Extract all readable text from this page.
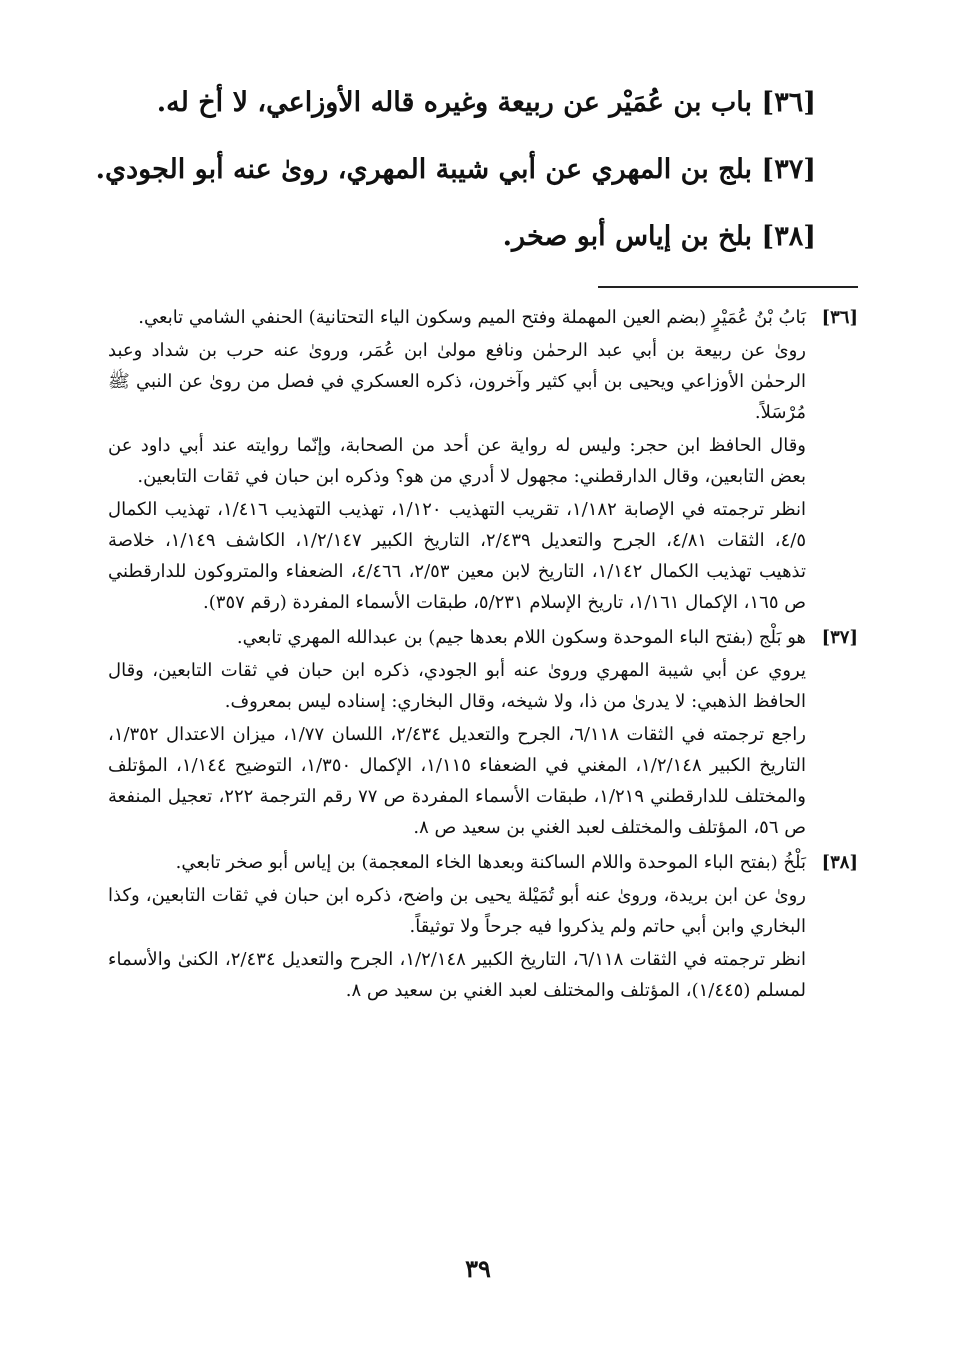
[٣٦] باب بن عُمَيْر عن ربيعة وغيره قاله الأوزاعي، لا أخ له.
[٣٧] بلج بن المهري عن أبي شيبة المهري، روىٰ عنه أبو الجودي.
[٣٨] بلخ بن إياس أبو صخر.
[٣٦]

بَابُ بْنُ عُمَيْرٍ (بضم العين المهملة وفتح الميم وسكون الياء التحتانية) الحنفي الشامي تابعي.

روىٰ عن ربيعة بن أبي عبد الرحمٰن ونافع مولىٰ ابن عُمَر، وروىٰ عنه حرب بن شداد وعبد الرحمٰن الأوزاعي ويحيى بن أبي كثير وآخرون، ذكره العسكري في فصل من روىٰ عن النبي ﷺ مُرْسَلاً.

وقال الحافظ ابن حجر: وليس له رواية عن أحد من الصحابة، وإنّما روايته عند أبي داود عن بعض التابعين، وقال الدارقطني: مجهول لا أدري من هو؟ وذكره ابن حبان في ثقات التابعين.

انظر ترجمته في الإصابة ١/١٨٢، تقريب التهذيب ١/١٢٠، تهذيب التهذيب ١/٤١٦، تهذيب الكمال ٤/٥، الثقات ٤/٨١، الجرح والتعديل ٢/٤٣٩، التاريخ الكبير ١/٢/١٤٧، الكاشف ١/١٤٩، خلاصة تذهيب تهذيب الكمال ١/١٤٢، التاريخ لابن معين ٢/٥٣، ٤/٤٦٦، الضعفاء والمتروكون للدارقطني ص ١٦٥، الإكمال ١/١٦١، تاريخ الإسلام ٥/٢٣١، طبقات الأسماء المفردة (رقم ٣٥٧).

[٣٧]

هو بَلْج (بفتح الباء الموحدة وسكون اللام بعدها جيم) بن عبدالله المهري تابعي.

يروي عن أبي شيبة المهري وروىٰ عنه أبو الجودي، ذكره ابن حبان في ثقات التابعين، وقال الحافظ الذهبي: لا يدرىٰ من ذا، ولا شيخه، وقال البخاري: إسناده ليس بمعروف.

راجع ترجمته في الثقات ٦/١١٨، الجرح والتعديل ٢/٤٣٤، اللسان ١/٧٧، ميزان الاعتدال ١/٣٥٢، التاريخ الكبير ١/٢/١٤٨، المغني في الضعفاء ١/١١٥، الإكمال ١/٣٥٠، التوضيح ١/١٤٤، المؤتلف والمختلف للدارقطني ١/٢١٩، طبقات الأسماء المفردة ص ٧٧ رقم الترجمة ٢٢٢، تعجيل المنفعة ص ٥٦، المؤتلف والمختلف لعبد الغني بن سعيد ص ٨.

[٣٨]

بَلْخُ (بفتح الباء الموحدة واللام الساكنة وبعدها الخاء المعجمة) بن إياس أبو صخر تابعي.

روىٰ عن ابن بريدة، وروىٰ عنه أبو تُمَيْلة يحيى بن واضح، ذكره ابن حبان في ثقات التابعين، وكذا البخاري وابن أبي حاتم ولم يذكروا فيه جرحاً ولا توثيقاً.

انظر ترجمته في الثقات ٦/١١٨، التاريخ الكبير ١/٢/١٤٨، الجرح والتعديل ٢/٤٣٤، الكنىٰ والأسماء لمسلم (١/٤٤٥)، المؤتلف والمختلف لعبد الغني بن سعيد ص ٨.

٣٩
